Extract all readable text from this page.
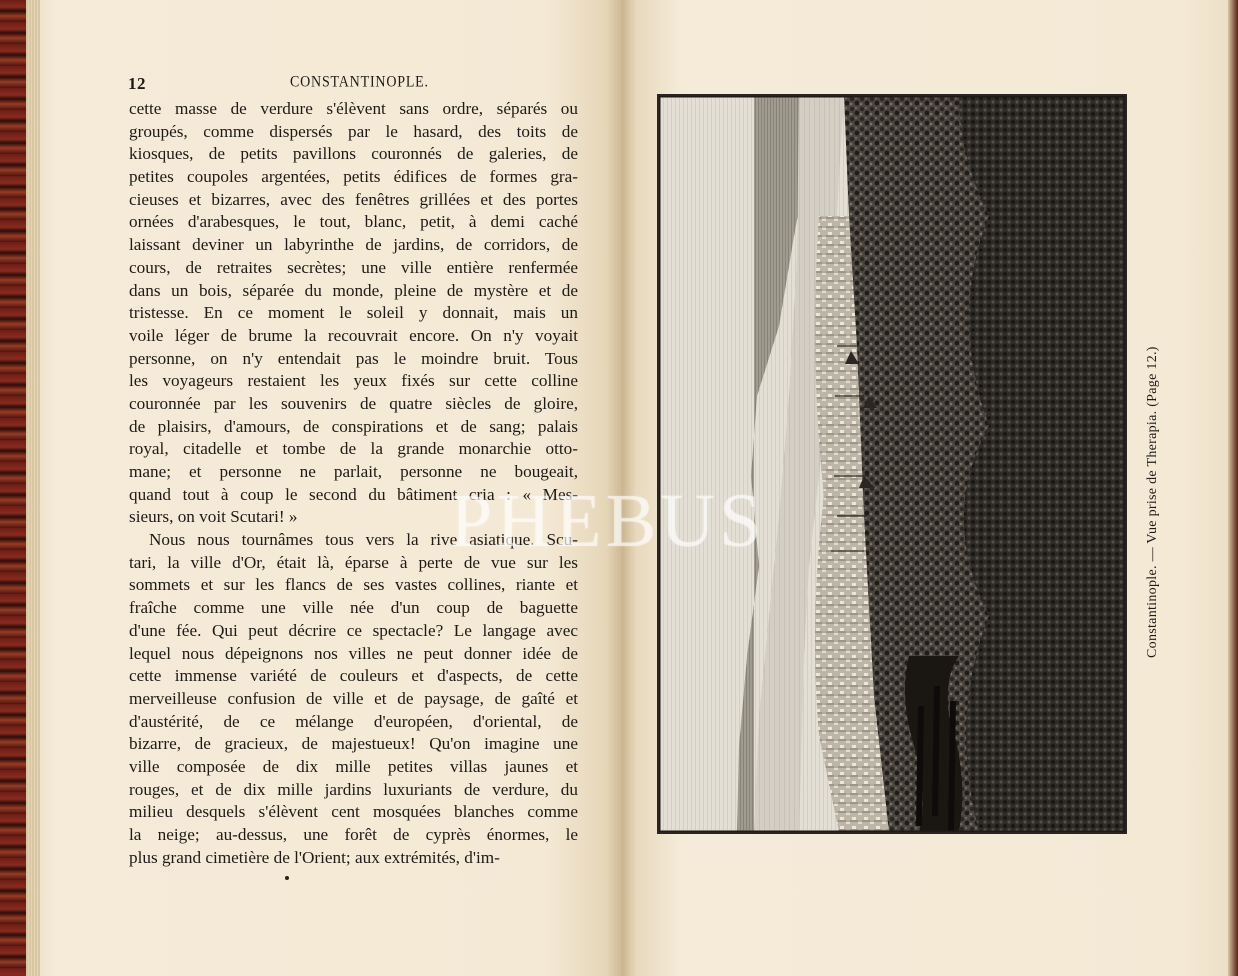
12	CONSTANTINOPLE.
cette masse de verdure s'élèvent sans ordre, séparés ou
groupés, comme dispersés par le hasard, des toits de
kiosques, de petits pavillons couronnés de galeries, de
petites coupoles argentées, petits édifices de formes gra-
cieuses et bizarres, avec des fenêtres grillées et des portes
ornées d'arabesques, le tout, blanc, petit, à demi caché
laissant deviner un labyrinthe de jardins, de corridors, de
cours, de retraites secrètes; une ville entière renfermée
dans un bois, séparée du monde, pleine de mystère et de
tristesse. En ce moment le soleil y donnait, mais un
voile léger de brume la recouvrait encore. On n'y voyait
personne, on n'y entendait pas le moindre bruit. Tous
les voyageurs restaient les yeux fixés sur cette colline
couronnée par les souvenirs de quatre siècles de gloire,
de plaisirs, d'amours, de conspirations et de sang; palais
royal, citadelle et tombe de la grande monarchie otto-
mane; et personne ne parlait, personne ne bougeait,
quand tout à coup le second du bâtiment cria : « Mes-
sieurs, on voit Scutari! »
Nous nous tournâmes tous vers la rive asiatique. Scu-
tari, la ville d'Or, était là, éparse à perte de vue sur les
sommets et sur les flancs de ses vastes collines, riante et
fraîche comme une ville née d'un coup de baguette
d'une fée. Qui peut décrire ce spectacle? Le langage avec
lequel nous dépeignons nos villes ne peut donner idée de
cette immense variété de couleurs et d'aspects, de cette
merveilleuse confusion de ville et de paysage, de gaîté et
d'austérité, de ce mélange d'européen, d'oriental, de
bizarre, de gracieux, de majestueux! Qu'on imagine une
ville composée de dix mille petites villas jaunes et
rouges, et de dix mille jardins luxuriants de verdure, du
milieu desquels s'élèvent cent mosquées blanches comme
la neige; au-dessus, une forêt de cyprès énormes, le
plus grand cimetière de l'Orient; aux extrémités, d'im-
Constantinople. — Vue prise de Therapia. (Page 12.)
PHEBUS
